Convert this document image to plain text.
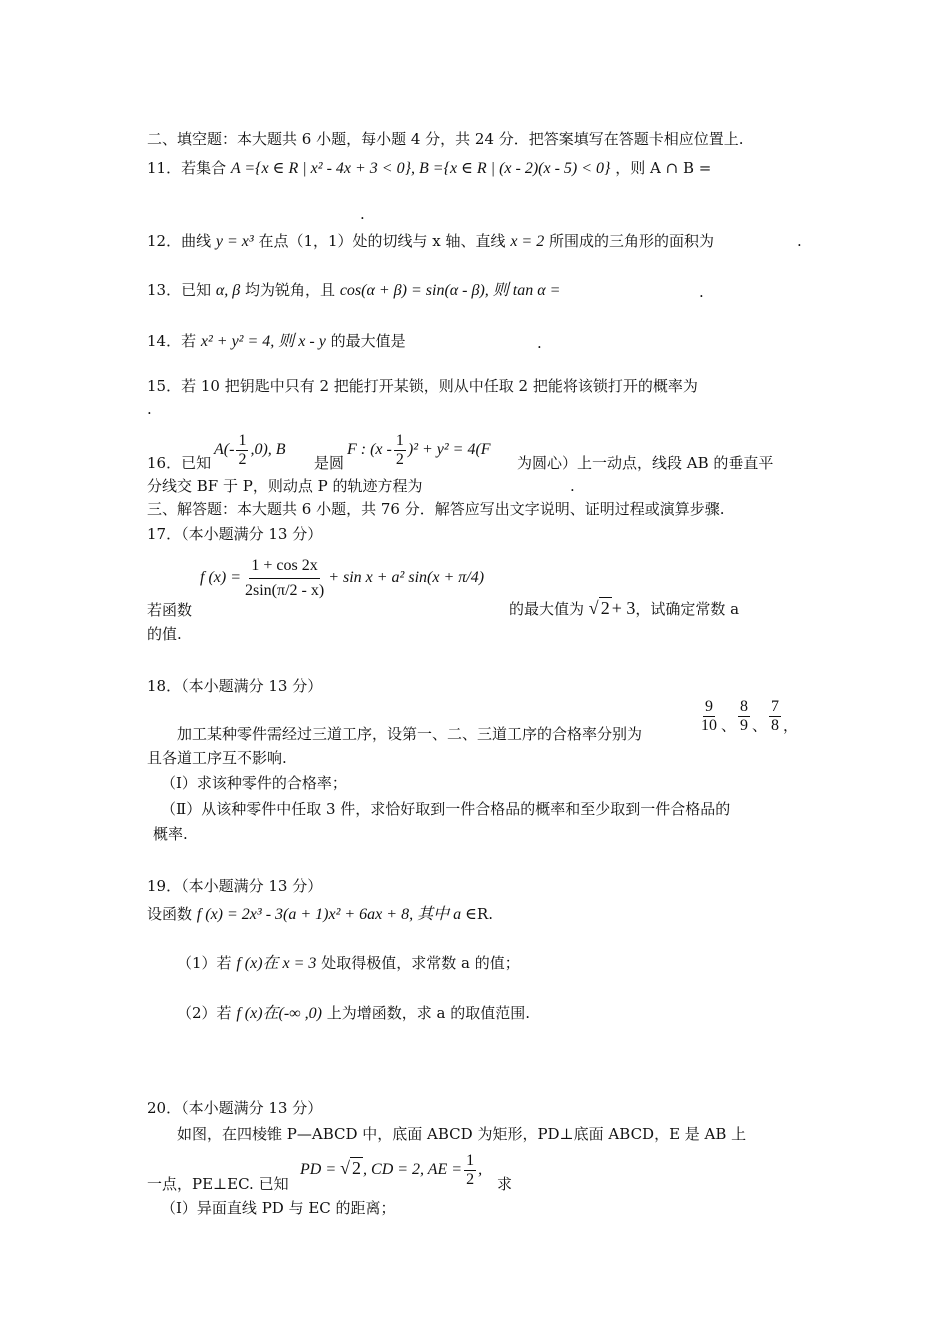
二、填空题：本大题共 6 小题，每小题 4 分，共 24 分．把答案填写在答题卡相应位置上.
11．若集合 A ={x ∈ R | x² - 4x + 3 < 0}, B ={x ∈ R | (x - 2)(x - 5) < 0} ，则 A ∩ B =
.
12．曲线 y = x³ 在点（1，1）处的切线与 x 轴、直线 x = 2 所围成的三角形的面积为	.
13．已知 α, β 均为锐角，且 cos(α + β) = sin(α - β), 则 tan α =	.
14．若 x² + y² = 4, 则 x - y 的最大值是	.
15．若 10 把钥匙中只有 2 把能打开某锁，则从中任取 2 把能将该锁打开的概率为
.
16．已知
$A(- \frac{1}{2} ,0)$, B
是圆
F : $(x - \frac{1}{2} )^2 + y^2 = 4(F$
为圆心）上一动点，线段 AB 的垂直平
分线交 BF 于 P，则动点 P 的轨迹方程为	.
三、解答题：本大题共 6 小题，共 76 分．解答应写出文字说明、证明过程或演算步骤.
17．（本小题满分 13 分）
f $(x) = \frac{1 + \cos 2x}{2\sin(\pi/2 - x)} + \sin x + a^2$ sin(x + π/4)
若函数	的最大值为 √ 2 + 3，试确定常数 a
的值.
18．（本小题满分 13 分）
加工某种零件需经过三道工序，设第一、二、三道工序的合格率分别为	$\frac{9}{10}$ 、 $\frac{8}{9}$ 、 $\frac{7}{8}$ ，
且各道工序互不影响.
（Ⅰ）求该种零件的合格率；
（Ⅱ）从该种零件中任取 3 件，求恰好取到一件合格品的概率和至少取到一件合格品的
概率.
19．（本小题满分 13 分）
设函数 f (x) = 2x³ - 3(a + 1)x² + 6ax + 8, 其中 a ∈R.
（1）若 f (x)在 x = 3 处取得极值，求常数 a 的值；
（2）若 f (x)在(-∞ ,0) 上为增函数，求 a 的取值范围.
20．（本小题满分 13 分）
如图，在四棱锥 P—ABCD 中，底面 ABCD 为矩形，PD⊥底面 ABCD，E 是 AB 上
PD = √ 2 , CD = 2, AE = $\frac{1}{2}$ ,
一点，PE⊥EC. 已知	求
（Ⅰ）异面直线 PD 与 EC 的距离；
